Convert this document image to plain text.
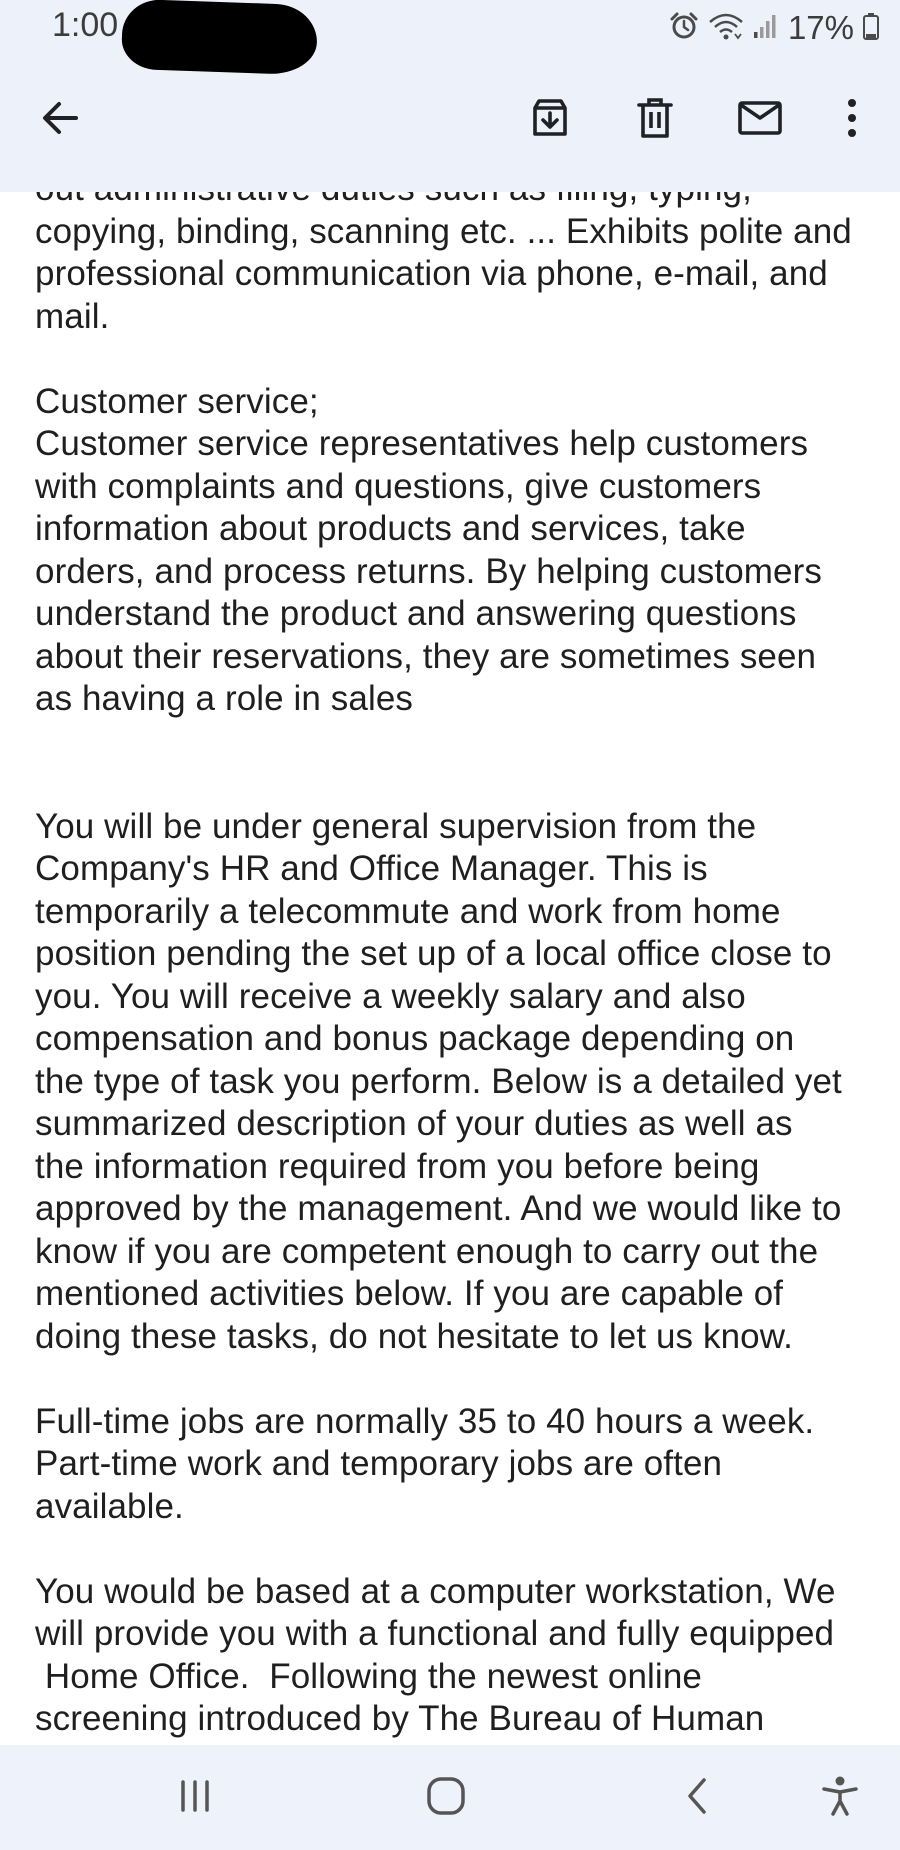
copying, binding, scanning etc. ... Exhibits polite and
professional communication via phone, e-mail, and
mail.
Customer service;
Customer service representatives help customers
with complaints and questions, give customers
information about products and services, take
orders, and process returns. By helping customers
understand the product and answering questions
about their reservations, they are sometimes seen
as having a role in sales
You will be under general supervision from the
Company's HR and Office Manager. This is
temporarily a telecommute and work from home
position pending the set up of a local office close to
you. You will receive a weekly salary and also
compensation and bonus package depending on
the type of task you perform. Below is a detailed yet
summarized description of your duties as well as
the information required from you before being
approved by the management. And we would like to
know if you are competent enough to carry out the
mentioned activities below. If you are capable of
doing these tasks, do not hesitate to let us know.
Full-time jobs are normally 35 to 40 hours a week.
Part-time work and temporary jobs are often
available.
You would be based at a computer workstation, We
will provide you with a functional and fully equipped
Home Office.  Following the newest online
screening introduced by The Bureau of Human
1:00	17%
